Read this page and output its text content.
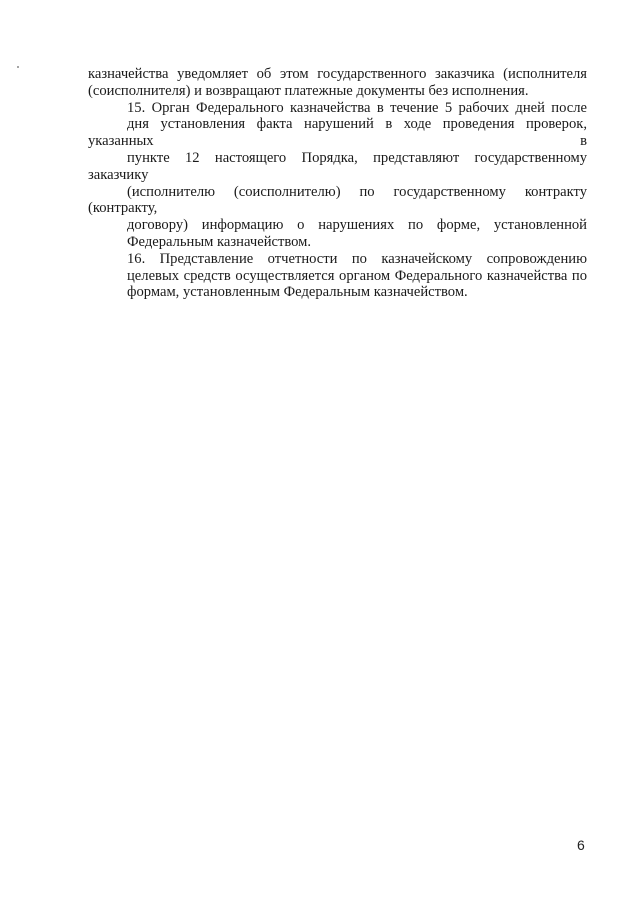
казначейства уведомляет об этом государственного заказчика (исполнителя
(соисполнителя) и возвращают платежные документы без исполнения.

15. Орган Федерального казначейства в течение 5 рабочих дней после
дня установления факта нарушений в ходе проведения проверок, указанных в
пункте 12 настоящего Порядка, представляют государственному заказчику
(исполнителю (соисполнителю) по государственному контракту (контракту,
договору) информацию о нарушениях по форме, установленной
Федеральным казначейством.

16. Представление отчетности по казначейскому сопровождению
целевых средств осуществляется органом Федерального казначейства по
формам, установленным Федеральным казначейством.

6
